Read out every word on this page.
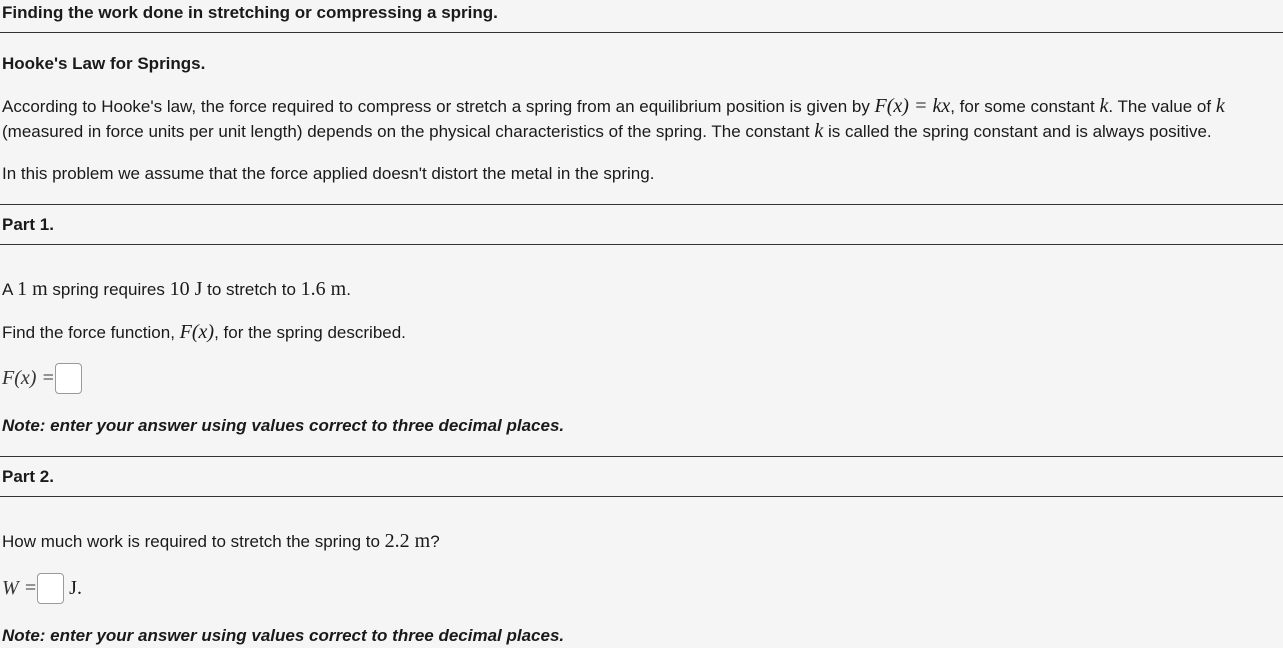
Finding the work done in stretching or compressing a spring.
Hooke's Law for Springs.
According to Hooke's law, the force required to compress or stretch a spring from an equilibrium position is given by F(x) = kx, for some constant k. The value of k
(measured in force units per unit length) depends on the physical characteristics of the spring. The constant k is called the spring constant and is always positive.
In this problem we assume that the force applied doesn't distort the metal in the spring.
Part 1.
A 1 m spring requires 10 J to stretch to 1.6 m.
Find the force function, F(x), for the spring described.
F(x) =
Note: enter your answer using values correct to three decimal places.
Part 2.
How much work is required to stretch the spring to 2.2 m?
W = J.
Note: enter your answer using values correct to three decimal places.
